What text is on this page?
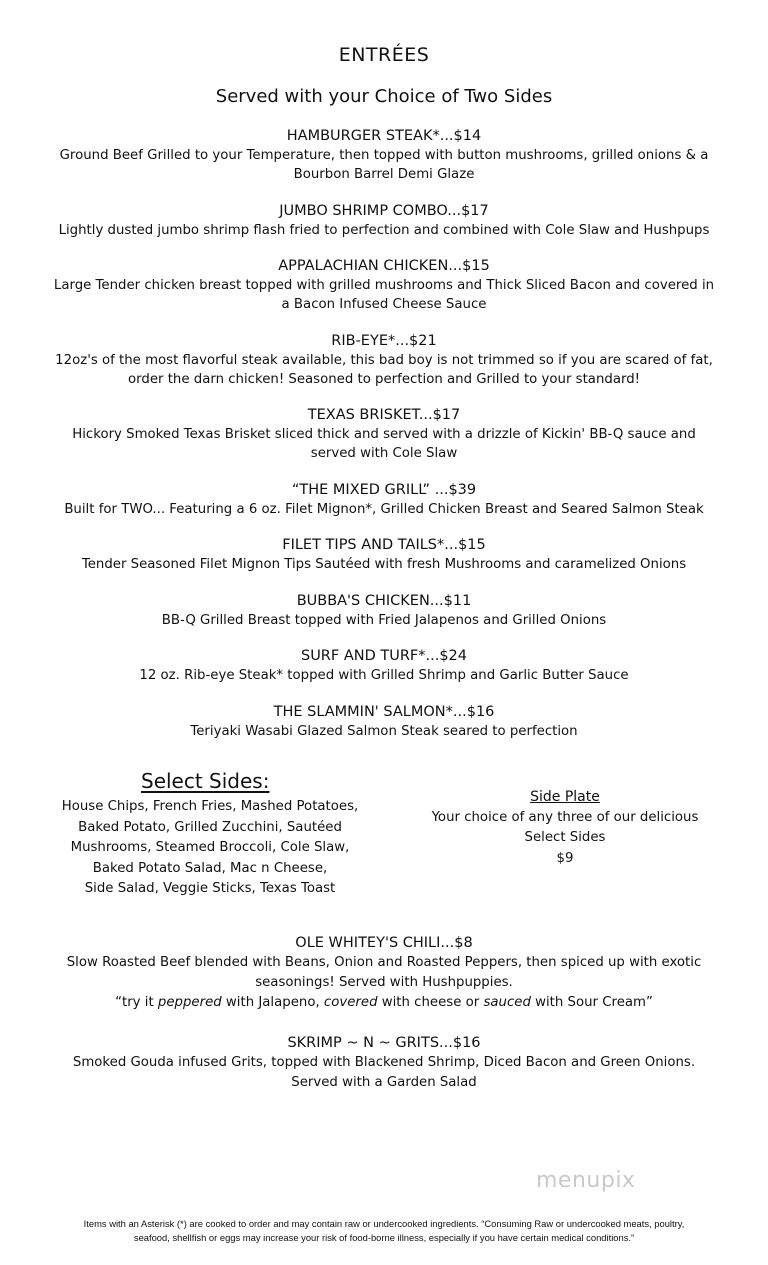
ENTRÉES
Served with your Choice of Two Sides
HAMBURGER STEAK*...$14
Ground Beef Grilled to your Temperature, then topped with button mushrooms, grilled onions & a
Bourbon Barrel Demi Glaze
JUMBO SHRIMP COMBO...$17
Lightly dusted jumbo shrimp flash fried to perfection and combined with Cole Slaw and Hushpups
APPALACHIAN CHICKEN...$15
Large Tender chicken breast topped with grilled mushrooms and Thick Sliced Bacon and covered in
a Bacon Infused Cheese Sauce
RIB-EYE*...$21
12oz's of the most flavorful steak available, this bad boy is not trimmed so if you are scared of fat,
order the darn chicken! Seasoned to perfection and Grilled to your standard!
TEXAS BRISKET...$17
Hickory Smoked Texas Brisket sliced thick and served with a drizzle of Kickin' BB-Q sauce and
served with Cole Slaw
“THE MIXED GRILL” ...$39
Built for TWO... Featuring a 6 oz. Filet Mignon*, Grilled Chicken Breast and Seared Salmon Steak
FILET TIPS AND TAILS*...$15
Tender Seasoned Filet Mignon Tips Sautéed with fresh Mushrooms and caramelized Onions
BUBBA'S CHICKEN...$11
BB-Q Grilled Breast topped with Fried Jalapenos and Grilled Onions
SURF AND TURF*...$24
12 oz. Rib-eye Steak* topped with Grilled Shrimp and Garlic Butter Sauce
THE SLAMMIN' SALMON*...$16
Teriyaki Wasabi Glazed Salmon Steak seared to perfection
Select Sides:
House Chips, French Fries, Mashed Potatoes,
Baked Potato, Grilled Zucchini, Sautéed
Mushrooms, Steamed Broccoli, Cole Slaw,
Baked Potato Salad, Mac n Cheese,
Side Salad, Veggie Sticks, Texas Toast
Side Plate
Your choice of any three of our delicious
Select Sides
$9
OLE WHITEY'S CHILI...$8
Slow Roasted Beef blended with Beans, Onion and Roasted Peppers, then spiced up with exotic
seasonings! Served with Hushpuppies.
“try it peppered with Jalapeno, covered with cheese or sauced with Sour Cream”
SKRIMP ~ N ~ GRITS...$16
Smoked Gouda infused Grits, topped with Blackened Shrimp, Diced Bacon and Green Onions.
Served with a Garden Salad
menupix
Items with an Asterisk (*) are cooked to order and may contain raw or undercooked ingredients. “Consuming Raw or undercooked meats, poultry,
seafood, shellfish or eggs may increase your risk of food-borne illness, especially if you have certain medical conditions.”
